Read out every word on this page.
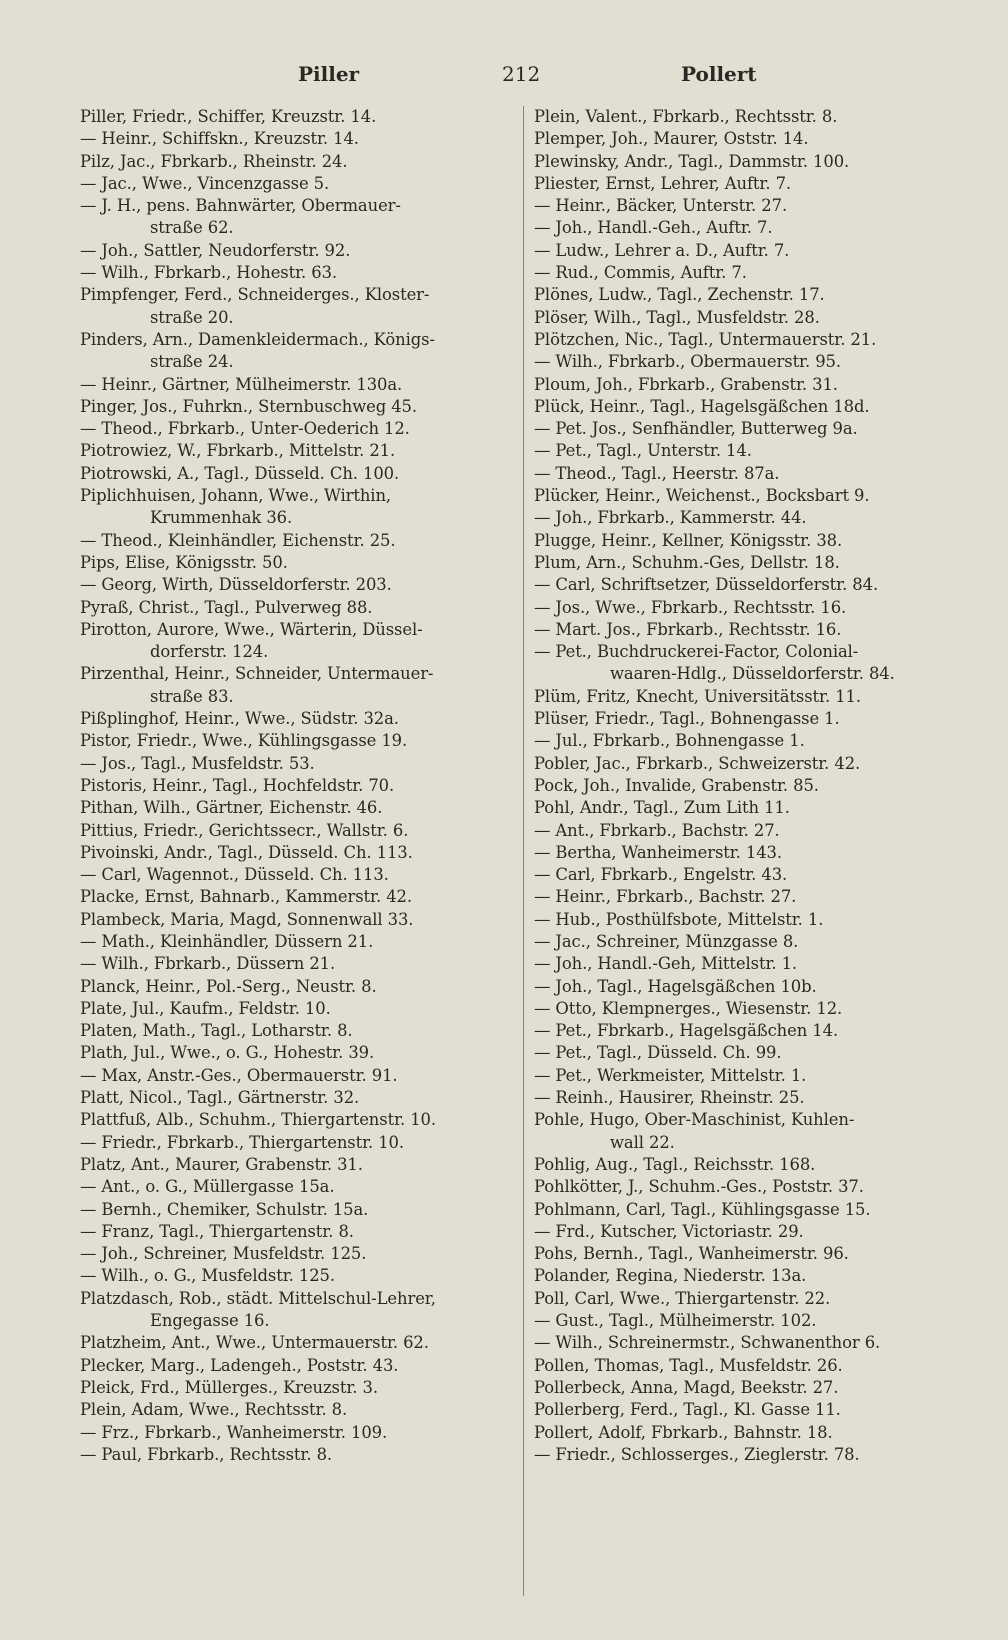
Piller	212	Pollert
Piller, Friedr., Schiffer, Kreuzstr. 14.
— Heinr., Schiffskn., Kreuzstr. 14.
Pilz, Jac., Fbrkarb., Rheinstr. 24.
— Jac., Wwe., Vincenzgasse 5.
— J. H., pens. Bahnwärter, Obermauer-
straße 62.
— Joh., Sattler, Neudorferstr. 92.
— Wilh., Fbrkarb., Hohestr. 63.
Pimpfenger, Ferd., Schneiderges., Kloster-
straße 20.
Pinders, Arn., Damenkleidermach., Königs-
straße 24.
— Heinr., Gärtner, Mülheimerstr. 130a.
Pinger, Jos., Fuhrkn., Sternbuschweg 45.
— Theod., Fbrkarb., Unter-Oederich 12.
Piotrowiez, W., Fbrkarb., Mittelstr. 21.
Piotrowski, A., Tagl., Düsseld. Ch. 100.
Piplichhuisen, Johann, Wwe., Wirthin,
Krummenhak 36.
— Theod., Kleinhändler, Eichenstr. 25.
Pips, Elise, Königsstr. 50.
— Georg, Wirth, Düsseldorferstr. 203.
Pyraß, Christ., Tagl., Pulverweg 88.
Pirotton, Aurore, Wwe., Wärterin, Düssel-
dorferstr. 124.
Pirzenthal, Heinr., Schneider, Untermauer-
straße 83.
Pißplinghof, Heinr., Wwe., Südstr. 32a.
Pistor, Friedr., Wwe., Kühlingsgasse 19.
— Jos., Tagl., Musfeldstr. 53.
Pistoris, Heinr., Tagl., Hochfeldstr. 70.
Pithan, Wilh., Gärtner, Eichenstr. 46.
Pittius, Friedr., Gerichtssecr., Wallstr. 6.
Pivoinski, Andr., Tagl., Düsseld. Ch. 113.
— Carl, Wagennot., Düsseld. Ch. 113.
Placke, Ernst, Bahnarb., Kammerstr. 42.
Plambeck, Maria, Magd, Sonnenwall 33.
— Math., Kleinhändler, Düssern 21.
— Wilh., Fbrkarb., Düssern 21.
Planck, Heinr., Pol.-Serg., Neustr. 8.
Plate, Jul., Kaufm., Feldstr. 10.
Platen, Math., Tagl., Lotharstr. 8.
Plath, Jul., Wwe., o. G., Hohestr. 39.
— Max, Anstr.-Ges., Obermauerstr. 91.
Platt, Nicol., Tagl., Gärtnerstr. 32.
Plattfuß, Alb., Schuhm., Thiergartenstr. 10.
— Friedr., Fbrkarb., Thiergartenstr. 10.
Platz, Ant., Maurer, Grabenstr. 31.
— Ant., o. G., Müllergasse 15a.
— Bernh., Chemiker, Schulstr. 15a.
— Franz, Tagl., Thiergartenstr. 8.
— Joh., Schreiner, Musfeldstr. 125.
— Wilh., o. G., Musfeldstr. 125.
Platzdasch, Rob., städt. Mittelschul-Lehrer,
Engegasse 16.
Platzheim, Ant., Wwe., Untermauerstr. 62.
Plecker, Marg., Ladengeh., Poststr. 43.
Pleick, Frd., Müllerges., Kreuzstr. 3.
Plein, Adam, Wwe., Rechtsstr. 8.
— Frz., Fbrkarb., Wanheimerstr. 109.
— Paul, Fbrkarb., Rechtsstr. 8.
Plein, Valent., Fbrkarb., Rechtsstr. 8.
Plemper, Joh., Maurer, Oststr. 14.
Plewinsky, Andr., Tagl., Dammstr. 100.
Pliester, Ernst, Lehrer, Auftr. 7.
— Heinr., Bäcker, Unterstr. 27.
— Joh., Handl.-Geh., Auftr. 7.
— Ludw., Lehrer a. D., Auftr. 7.
— Rud., Commis, Auftr. 7.
Plönes, Ludw., Tagl., Zechenstr. 17.
Plöser, Wilh., Tagl., Musfeldstr. 28.
Plötzchen, Nic., Tagl., Untermauerstr. 21.
— Wilh., Fbrkarb., Obermauerstr. 95.
Ploum, Joh., Fbrkarb., Grabenstr. 31.
Plück, Heinr., Tagl., Hagelsgäßchen 18d.
— Pet. Jos., Senfhändler, Butterweg 9a.
— Pet., Tagl., Unterstr. 14.
— Theod., Tagl., Heerstr. 87a.
Plücker, Heinr., Weichenst., Bocksbart 9.
— Joh., Fbrkarb., Kammerstr. 44.
Plugge, Heinr., Kellner, Königsstr. 38.
Plum, Arn., Schuhm.-Ges, Dellstr. 18.
— Carl, Schriftsetzer, Düsseldorferstr. 84.
— Jos., Wwe., Fbrkarb., Rechtsstr. 16.
— Mart. Jos., Fbrkarb., Rechtsstr. 16.
— Pet., Buchdruckerei-Factor, Colonial-
waaren-Hdlg., Düsseldorferstr. 84.
Plüm, Fritz, Knecht, Universitätsstr. 11.
Plüser, Friedr., Tagl., Bohnengasse 1.
— Jul., Fbrkarb., Bohnengasse 1.
Pobler, Jac., Fbrkarb., Schweizerstr. 42.
Pock, Joh., Invalide, Grabenstr. 85.
Pohl, Andr., Tagl., Zum Lith 11.
— Ant., Fbrkarb., Bachstr. 27.
— Bertha, Wanheimerstr. 143.
— Carl, Fbrkarb., Engelstr. 43.
— Heinr., Fbrkarb., Bachstr. 27.
— Hub., Posthülfsbote, Mittelstr. 1.
— Jac., Schreiner, Münzgasse 8.
— Joh., Handl.-Geh, Mittelstr. 1.
— Joh., Tagl., Hagelsgäßchen 10b.
— Otto, Klempnerges., Wiesenstr. 12.
— Pet., Fbrkarb., Hagelsgäßchen 14.
— Pet., Tagl., Düsseld. Ch. 99.
— Pet., Werkmeister, Mittelstr. 1.
— Reinh., Hausirer, Rheinstr. 25.
Pohle, Hugo, Ober-Maschinist, Kuhlen-
wall 22.
Pohlig, Aug., Tagl., Reichsstr. 168.
Pohlkötter, J., Schuhm.-Ges., Poststr. 37.
Pohlmann, Carl, Tagl., Kühlingsgasse 15.
— Frd., Kutscher, Victoriastr. 29.
Pohs, Bernh., Tagl., Wanheimerstr. 96.
Polander, Regina, Niederstr. 13a.
Poll, Carl, Wwe., Thiergartenstr. 22.
— Gust., Tagl., Mülheimerstr. 102.
— Wilh., Schreinermstr., Schwanenthor 6.
Pollen, Thomas, Tagl., Musfeldstr. 26.
Pollerbeck, Anna, Magd, Beekstr. 27.
Pollerberg, Ferd., Tagl., Kl. Gasse 11.
Pollert, Adolf, Fbrkarb., Bahnstr. 18.
— Friedr., Schlosserges., Zieglerstr. 78.
